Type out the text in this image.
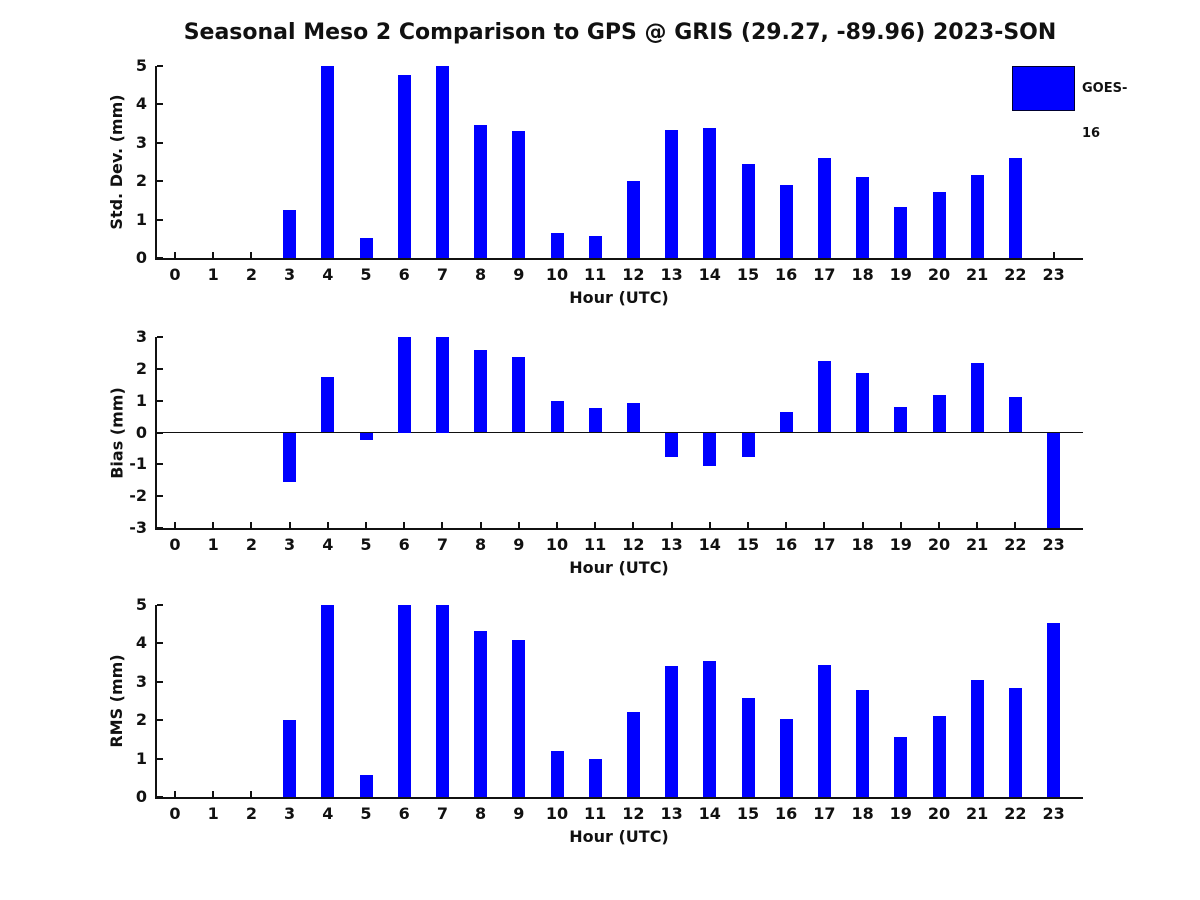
Seasonal Meso 2 Comparison to GPS @ GRIS (29.27, -89.96) 2023-SON
GOES-16
Std. Dev. (mm)
Hour (UTC)
0
1
2
3
4
5
0	1	2	3	4	5	6	7	8	9	10 11 12 13 14 15 16 17 18 19 20 21 22 23
Bias (mm)
Hour (UTC)
3
2
1
0
-1
-2
-3
0	1	2	3	4	5	6	7	8	9	10 11 12 13 14 15 16 17 18 19 20 21 22 23
RMS (mm)
Hour (UTC)
0
1
2
3
4
5
0	1	2	3	4	5	6	7	8	9	10 11 12 13 14 15 16 17 18 19 20 21 22 23
